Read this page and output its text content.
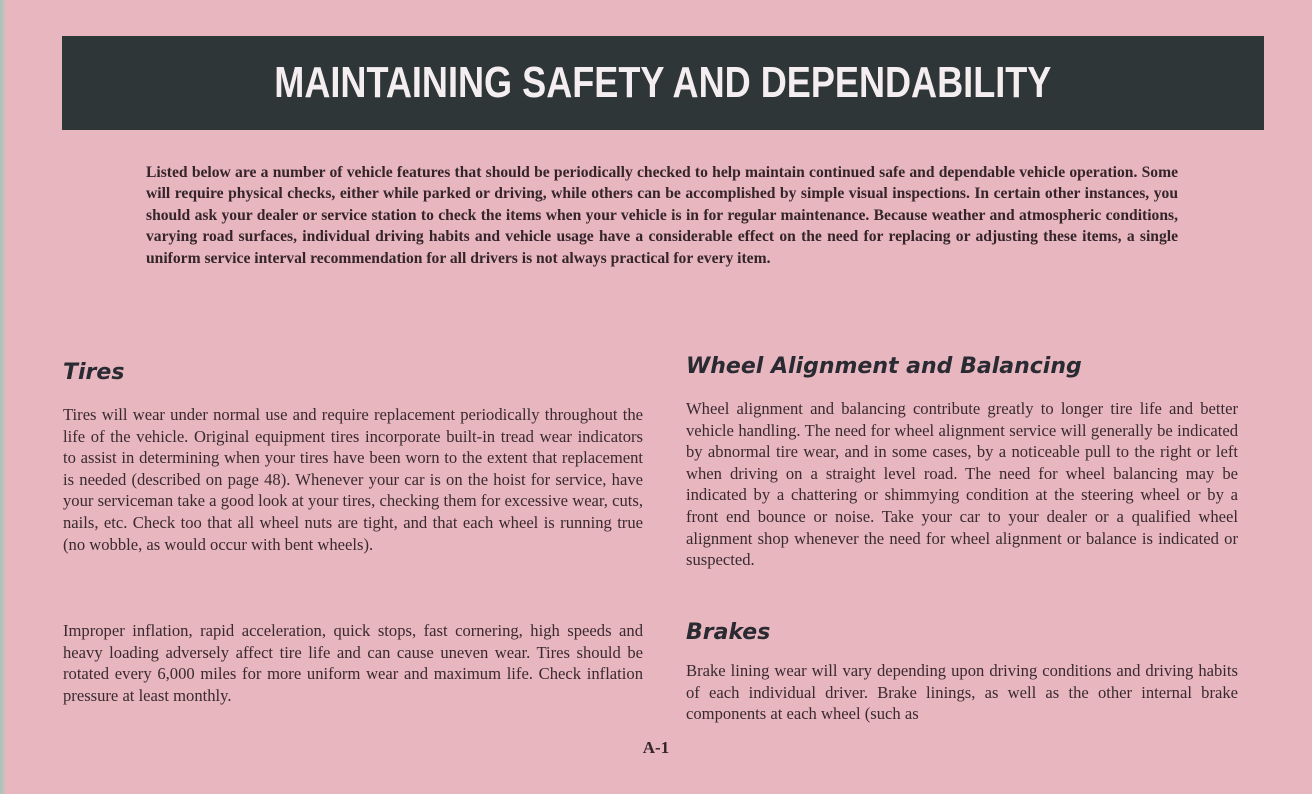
MAINTAINING SAFETY AND DEPENDABILITY
Listed below are a number of vehicle features that should be periodically checked to help maintain continued safe and dependable vehicle operation. Some will require physical checks, either while parked or driving, while others can be accomplished by simple visual inspections. In certain other instances, you should ask your dealer or service station to check the items when your vehicle is in for regular maintenance. Because weather and atmospheric conditions, varying road surfaces, individual driving habits and vehicle usage have a considerable effect on the need for replacing or adjusting these items, a single uniform service interval recommendation for all drivers is not always practical for every item.
Tires
Tires will wear under normal use and require replacement periodically throughout the life of the vehicle. Original equipment tires incorporate built-in tread wear indicators to assist in determining when your tires have been worn to the extent that replacement is needed (described on page 48). Whenever your car is on the hoist for service, have your serviceman take a good look at your tires, checking them for excessive wear, cuts, nails, etc. Check too that all wheel nuts are tight, and that each wheel is running true (no wobble, as would occur with bent wheels).
Improper inflation, rapid acceleration, quick stops, fast cornering, high speeds and heavy loading adversely affect tire life and can cause uneven wear. Tires should be rotated every 6,000 miles for more uniform wear and maximum life. Check inflation pressure at least monthly.
Wheel Alignment and Balancing
Wheel alignment and balancing contribute greatly to longer tire life and better vehicle handling. The need for wheel alignment service will generally be indicated by abnormal tire wear, and in some cases, by a noticeable pull to the right or left when driving on a straight level road. The need for wheel balancing may be indicated by a chattering or shimmying condition at the steering wheel or by a front end bounce or noise. Take your car to your dealer or a qualified wheel alignment shop whenever the need for wheel alignment or balance is indicated or suspected.
Brakes
Brake lining wear will vary depending upon driving conditions and driving habits of each individual driver. Brake linings, as well as the other internal brake components at each wheel (such as
A-1
